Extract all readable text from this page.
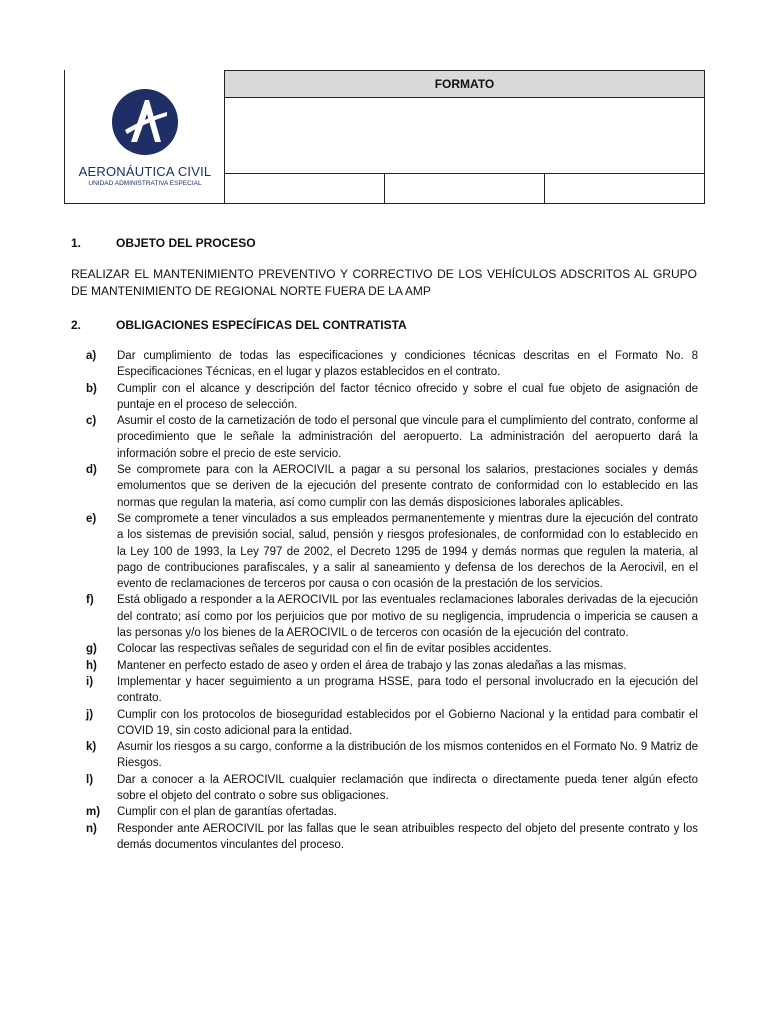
AERONÁUTICA CIVIL
UNIDAD ADMINISTRATIVA ESPECIAL
FORMATO
1.	OBJETO DEL PROCESO
REALIZAR EL MANTENIMIENTO PREVENTIVO Y CORRECTIVO DE LOS VEHÍCULOS ADSCRITOS AL GRUPO DE MANTENIMIENTO DE REGIONAL NORTE FUERA DE LA AMP
2.	OBLIGACIONES ESPECÍFICAS DEL CONTRATISTA
a)	Dar cumplimiento de todas las especificaciones y condiciones técnicas descritas en el Formato No. 8 Especificaciones Técnicas, en el lugar y plazos establecidos en el contrato.
b)	Cumplir con el alcance y descripción del factor técnico ofrecido y sobre el cual fue objeto de asignación de puntaje en el proceso de selección.
c)	Asumir el costo de la carnetización de todo el personal que vincule para el cumplimiento del contrato, conforme al procedimiento que le señale la administración del aeropuerto. La administración del aeropuerto dará la información sobre el precio de este servicio.
d)	Se compromete para con la AEROCIVIL a pagar a su personal los salarios, prestaciones sociales y demás emolumentos que se deriven de la ejecución del presente contrato de conformidad con lo establecido en las normas que regulan la materia, así como cumplir con las demás disposiciones laborales aplicables.
e)	Se compromete a tener vinculados a sus empleados permanentemente y mientras dure la ejecución del contrato a los sistemas de previsión social, salud, pensión y riesgos profesionales, de conformidad con lo establecido en la Ley 100 de 1993, la Ley 797 de 2002, el Decreto 1295 de 1994 y demás normas que regulen la materia, al pago de contribuciones parafiscales, y a salir al saneamiento y defensa de los derechos de la Aerocivil, en el evento de reclamaciones de terceros por causa o con ocasión de la prestación de los servicios.
f)	Está obligado a responder a la AEROCIVIL por las eventuales reclamaciones laborales derivadas de la ejecución del contrato; así como por los perjuicios que por motivo de su negligencia, imprudencia o impericia se causen a las personas y/o los bienes de la AEROCIVIL o de terceros con ocasión de la ejecución del contrato.
g)	Colocar las respectivas señales de seguridad con el fin de evitar posibles accidentes.
h)	Mantener en perfecto estado de aseo y orden el área de trabajo y las zonas aledañas a las mismas.
i)	Implementar y hacer seguimiento a un programa HSSE, para todo el personal involucrado en la ejecución del contrato.
j)	Cumplir con los protocolos de bioseguridad establecidos por el Gobierno Nacional y la entidad para combatir el COVID 19, sin costo adicional para la entidad.
k)	Asumir los riesgos a su cargo, conforme a la distribución de los mismos contenidos en el Formato No. 9 Matriz de Riesgos.
l)	Dar a conocer a la AEROCIVIL cualquier reclamación que indirecta o directamente pueda tener algún efecto sobre el objeto del contrato o sobre sus obligaciones.
m)	Cumplir con el plan de garantías ofertadas.
n)	Responder ante AEROCIVIL por las fallas que le sean atribuibles respecto del objeto del presente contrato y los demás documentos vinculantes del proceso.
